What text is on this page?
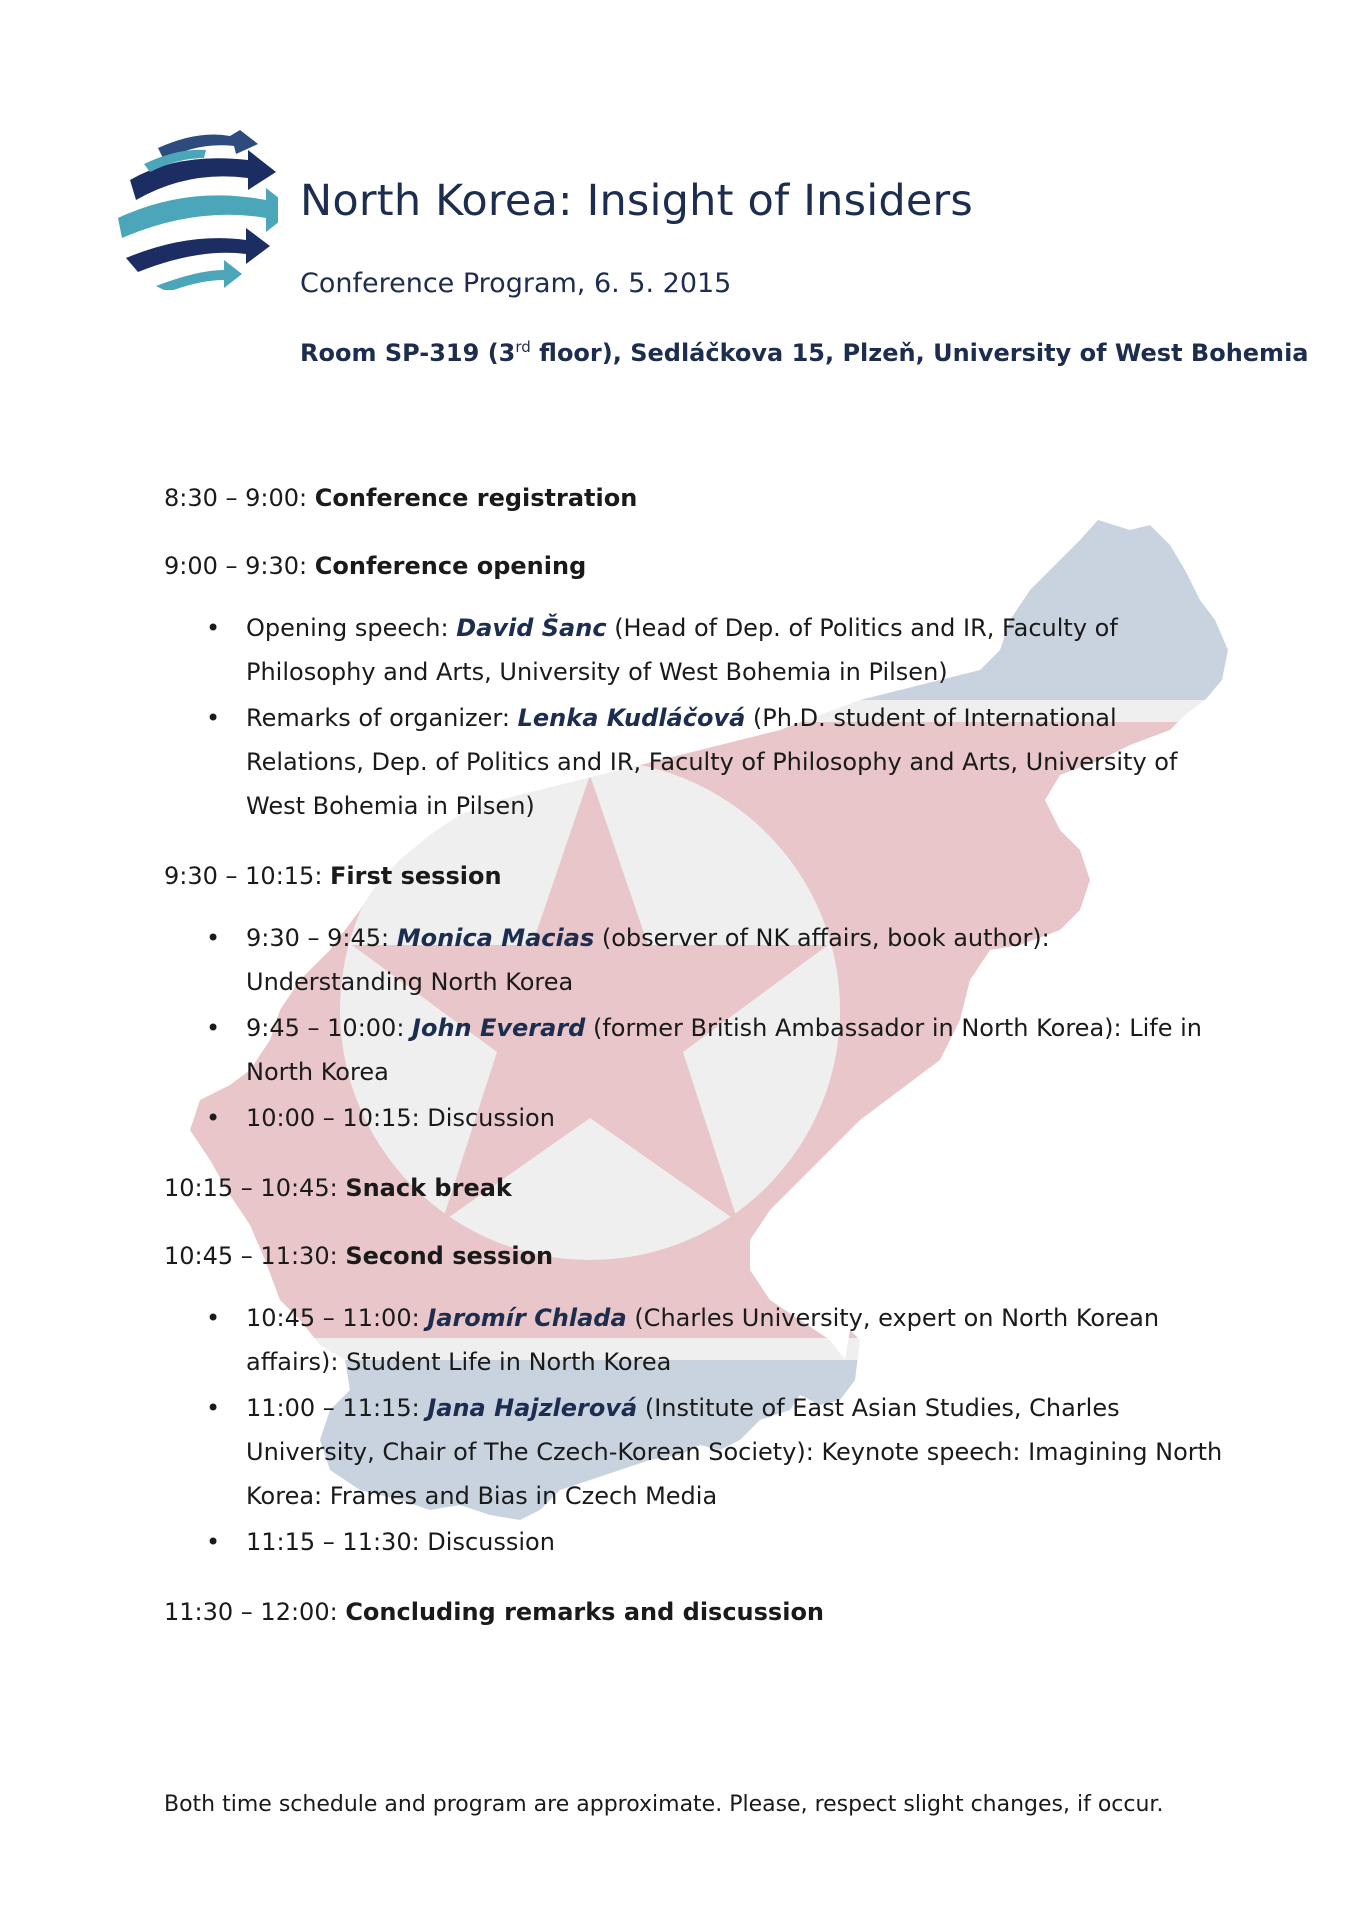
North Korea: Insight of Insiders
Conference Program, 6. 5. 2015
Room SP-319 (3rd floor), Sedláčkova 15, Plzeň, University of West Bohemia
8:30 – 9:00: Conference registration
9:00 – 9:30: Conference opening
• Opening speech: David Šanc (Head of Dep. of Politics and IR, Faculty of Philosophy and Arts, University of West Bohemia in Pilsen)
• Remarks of organizer: Lenka Kudláčová (Ph.D. student of International Relations, Dep. of Politics and IR, Faculty of Philosophy and Arts, University of West Bohemia in Pilsen)
9:30 – 10:15: First session
• 9:30 – 9:45: Monica Macias (observer of NK affairs, book author): Understanding North Korea
• 9:45 – 10:00: John Everard (former British Ambassador in North Korea): Life in North Korea
• 10:00 – 10:15: Discussion
10:15 – 10:45: Snack break
10:45 – 11:30: Second session
• 10:45 – 11:00: Jaromír Chlada (Charles University, expert on North Korean affairs): Student Life in North Korea
• 11:00 – 11:15: Jana Hajzlerová (Institute of East Asian Studies, Charles University, Chair of The Czech-Korean Society): Keynote speech: Imagining North Korea: Frames and Bias in Czech Media
• 11:15 – 11:30: Discussion
11:30 – 12:00: Concluding remarks and discussion
Both time schedule and program are approximate. Please, respect slight changes, if occur.
